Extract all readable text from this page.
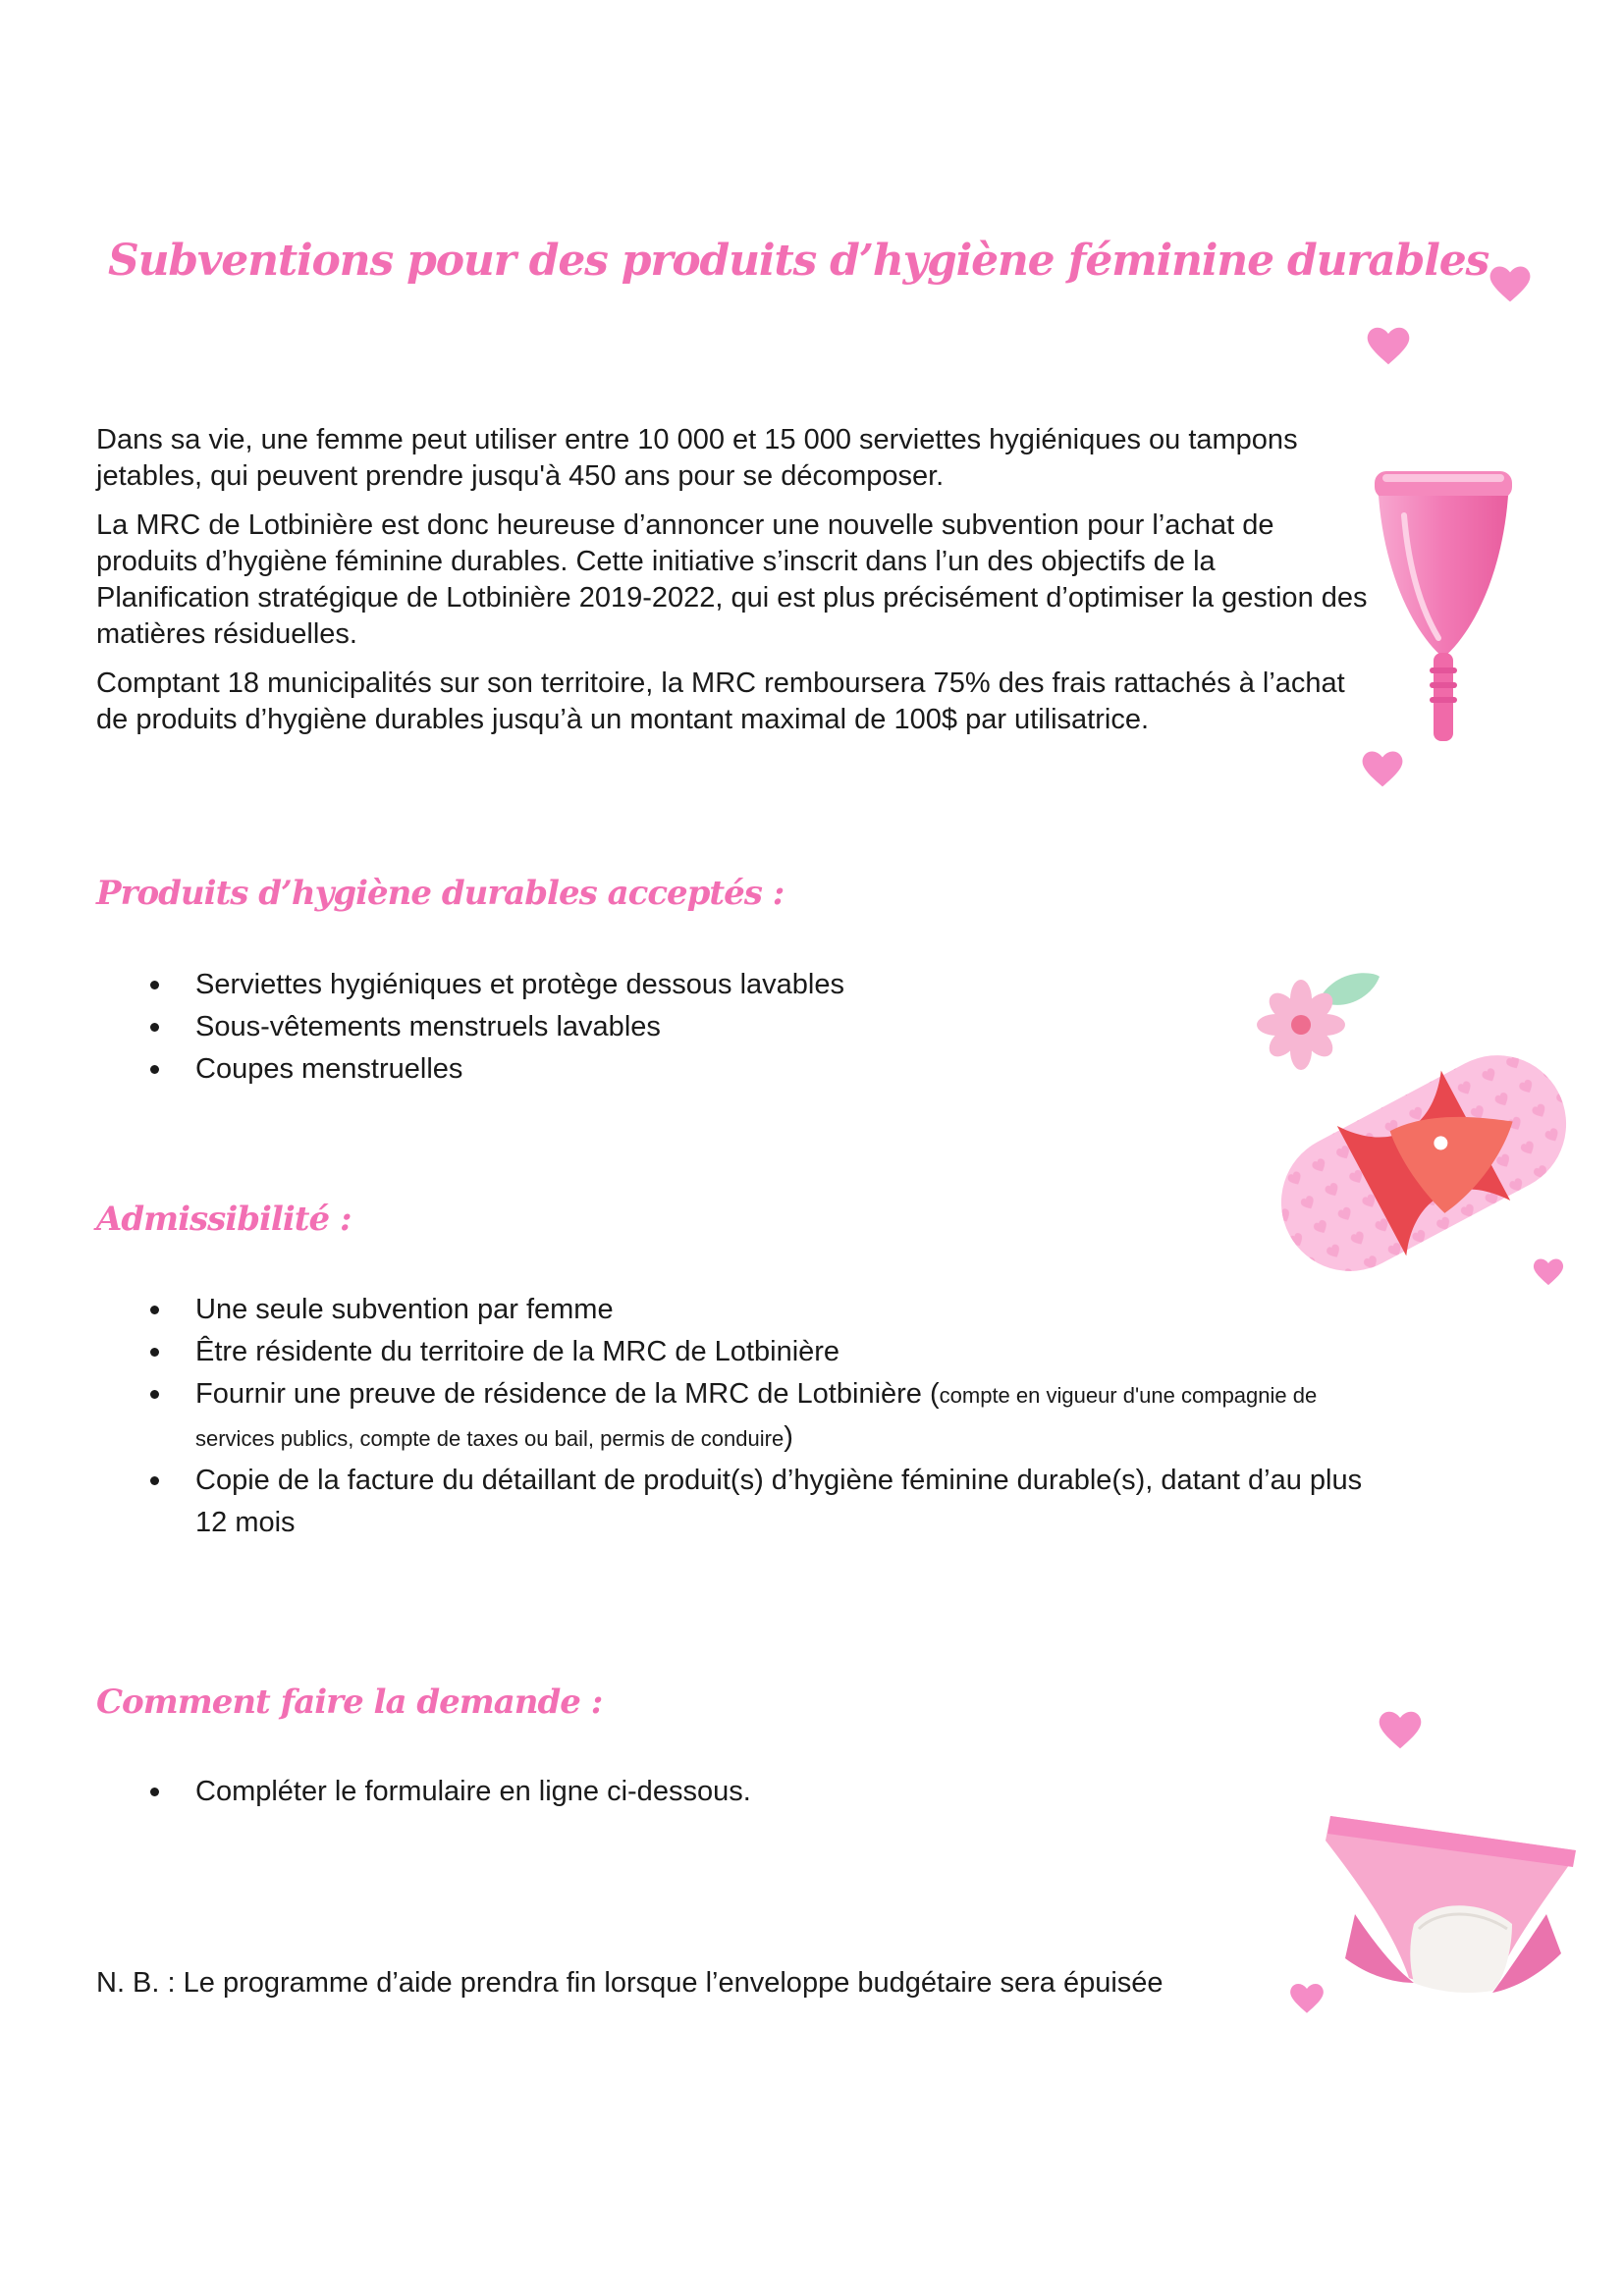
Subventions pour des produits d’hygiène féminine durables

Dans sa vie, une femme peut utiliser entre 10 000 et 15 000 serviettes hygiéniques ou tampons jetables, qui peuvent prendre jusqu'à 450 ans pour se décomposer.

La MRC de Lotbinière est donc heureuse d’annoncer une nouvelle subvention pour l’achat de produits d’hygiène féminine durables. Cette initiative s’inscrit dans l’un des objectifs de la Planification stratégique de Lotbinière 2019-2022, qui est plus précisément d’optimiser la gestion des matières résiduelles.

Comptant 18 municipalités sur son territoire, la MRC remboursera 75% des frais rattachés à l’achat de produits d’hygiène durables jusqu’à un montant maximal de 100$ par utilisatrice.

Produits d’hygiène durables acceptés :
Serviettes hygiéniques et protège dessous lavables
Sous-vêtements menstruels lavables
Coupes menstruelles
Admissibilité :
Une seule subvention par femme
Être résidente du territoire de la MRC de Lotbinière
Fournir une preuve de résidence de la MRC de Lotbinière (compte en vigueur d'une compagnie de services publics, compte de taxes ou bail, permis de conduire)
Copie de la facture du détaillant de produit(s) d’hygiène féminine durable(s), datant d’au plus 12 mois
Comment faire la demande :
Compléter le formulaire en ligne ci-dessous.
N. B. : Le programme d’aide prendra fin lorsque l’enveloppe budgétaire sera épuisée
